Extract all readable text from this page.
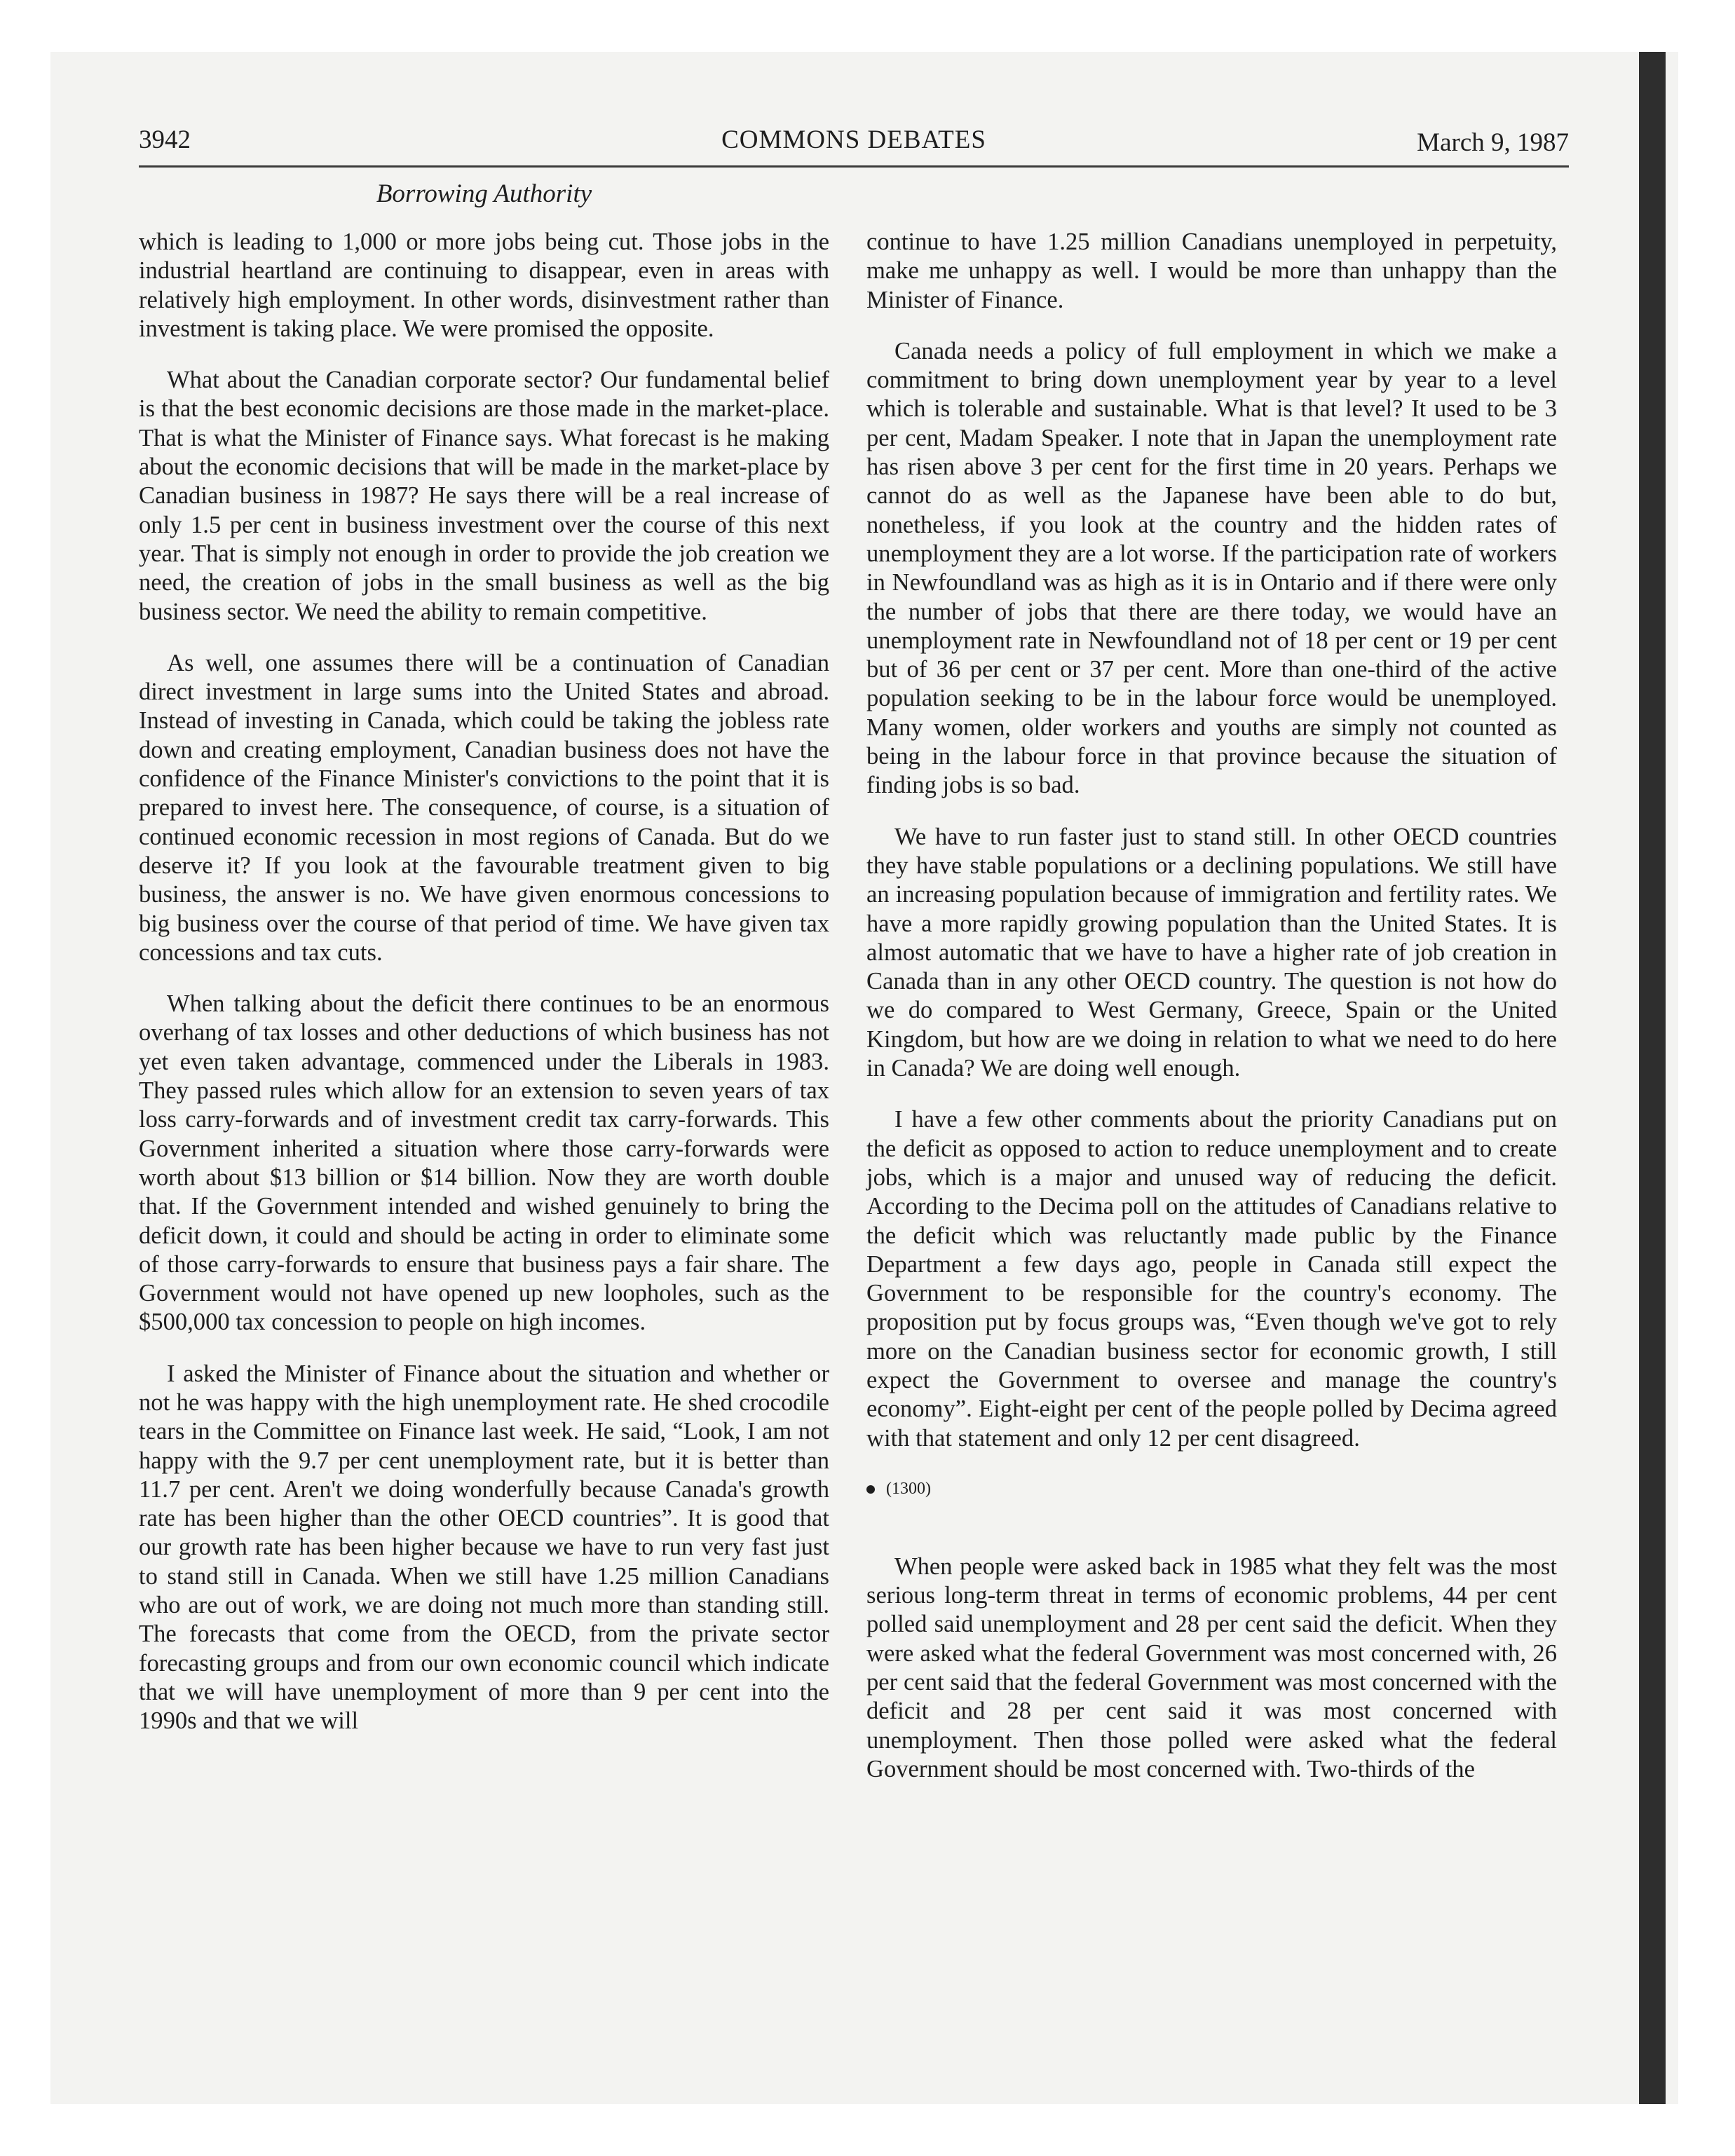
3942	COMMONS DEBATES	March 9, 1987
Borrowing Authority

which is leading to 1,000 or more jobs being cut. Those jobs in the industrial heartland are continuing to disappear, even in areas with relatively high employment. In other words, disinvestment rather than investment is taking place. We were promised the opposite.

What about the Canadian corporate sector? Our fundamental belief is that the best economic decisions are those made in the market-place. That is what the Minister of Finance says. What forecast is he making about the economic decisions that will be made in the market-place by Canadian business in 1987? He says there will be a real increase of only 1.5 per cent in business investment over the course of this next year. That is simply not enough in order to provide the job creation we need, the creation of jobs in the small business as well as the big business sector. We need the ability to remain competitive.

As well, one assumes there will be a continuation of Canadian direct investment in large sums into the United States and abroad. Instead of investing in Canada, which could be taking the jobless rate down and creating employment, Canadian business does not have the confidence of the Finance Minister's convictions to the point that it is prepared to invest here. The consequence, of course, is a situation of continued economic recession in most regions of Canada. But do we deserve it? If you look at the favourable treatment given to big business, the answer is no. We have given enormous concessions to big business over the course of that period of time. We have given tax concessions and tax cuts.

When talking about the deficit there continues to be an enormous overhang of tax losses and other deductions of which business has not yet even taken advantage, commenced under the Liberals in 1983. They passed rules which allow for an extension to seven years of tax loss carry-forwards and of investment credit tax carry-forwards. This Government inherited a situation where those carry-forwards were worth about $13 billion or $14 billion. Now they are worth double that. If the Government intended and wished genuinely to bring the deficit down, it could and should be acting in order to eliminate some of those carry-forwards to ensure that business pays a fair share. The Government would not have opened up new loopholes, such as the $500,000 tax concession to people on high incomes.

I asked the Minister of Finance about the situation and whether or not he was happy with the high unemployment rate. He shed crocodile tears in the Committee on Finance last week. He said, “Look, I am not happy with the 9.7 per cent unemployment rate, but it is better than 11.7 per cent. Aren't we doing wonderfully because Canada's growth rate has been higher than the other OECD countries”. It is good that our growth rate has been higher because we have to run very fast just to stand still in Canada. When we still have 1.25 million Canadians who are out of work, we are doing not much more than standing still. The forecasts that come from the OECD, from the private sector forecasting groups and from our own economic council which indicate that we will have unemployment of more than 9 per cent into the 1990s and that we will

continue to have 1.25 million Canadians unemployed in perpetuity, make me unhappy as well. I would be more than unhappy than the Minister of Finance.

Canada needs a policy of full employment in which we make a commitment to bring down unemployment year by year to a level which is tolerable and sustainable. What is that level? It used to be 3 per cent, Madam Speaker. I note that in Japan the unemployment rate has risen above 3 per cent for the first time in 20 years. Perhaps we cannot do as well as the Japanese have been able to do but, nonetheless, if you look at the country and the hidden rates of unemployment they are a lot worse. If the participation rate of workers in Newfoundland was as high as it is in Ontario and if there were only the number of jobs that there are there today, we would have an unemployment rate in Newfoundland not of 18 per cent or 19 per cent but of 36 per cent or 37 per cent. More than one-third of the active population seeking to be in the labour force would be unemployed. Many women, older workers and youths are simply not counted as being in the labour force in that province because the situation of finding jobs is so bad.

We have to run faster just to stand still. In other OECD countries they have stable populations or a declining populations. We still have an increasing population because of immigration and fertility rates. We have a more rapidly growing population than the United States. It is almost automatic that we have to have a higher rate of job creation in Canada than in any other OECD country. The question is not how do we do compared to West Germany, Greece, Spain or the United Kingdom, but how are we doing in relation to what we need to do here in Canada? We are doing well enough.

I have a few other comments about the priority Canadians put on the deficit as opposed to action to reduce unemployment and to create jobs, which is a major and unused way of reducing the deficit. According to the Decima poll on the attitudes of Canadians relative to the deficit which was reluctantly made public by the Finance Department a few days ago, people in Canada still expect the Government to be responsible for the country's economy. The proposition put by focus groups was, “Even though we've got to rely more on the Canadian business sector for economic growth, I still expect the Government to oversee and manage the country's economy”. Eight-eight per cent of the people polled by Decima agreed with that statement and only 12 per cent disagreed.

(1300)

When people were asked back in 1985 what they felt was the most serious long-term threat in terms of economic problems, 44 per cent polled said unemployment and 28 per cent said the deficit. When they were asked what the federal Government was most concerned with, 26 per cent said that the federal Government was most concerned with the deficit and 28 per cent said it was most concerned with unemployment. Then those polled were asked what the federal Government should be most concerned with. Two-thirds of the
